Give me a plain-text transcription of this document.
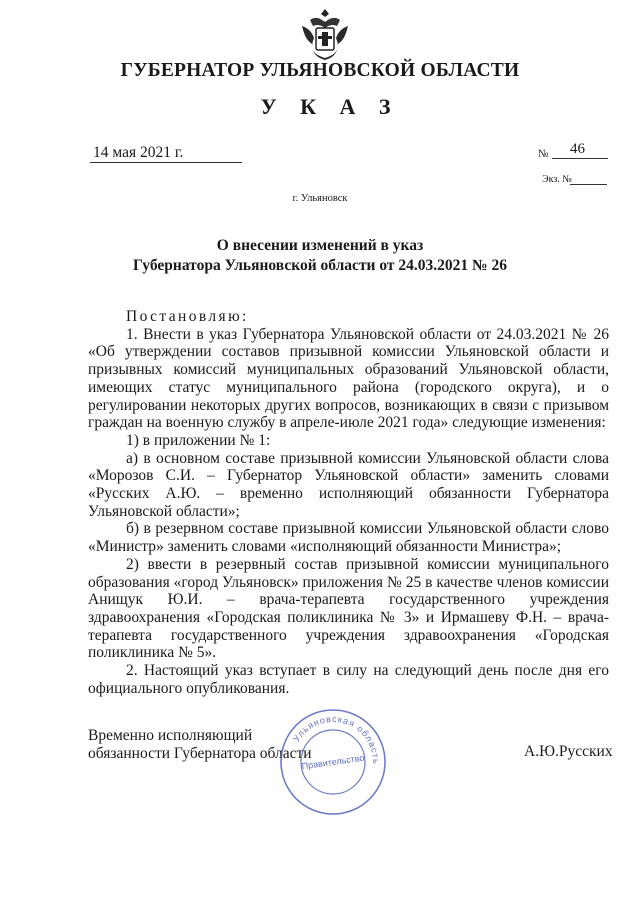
ГУБЕРНАТОР УЛЬЯНОВСКОЙ ОБЛАСТИ
У К А З
14 мая 2021 г.	№ 46
Экз. №
г. Ульяновск
О внесении изменений в указ
Губернатора Ульяновской области от 24.03.2021 № 26

Постановляю:

1. Внести в указ Губернатора Ульяновской области от 24.03.2021 № 26 «Об утверждении составов призывной комиссии Ульяновской области и призывных комиссий муниципальных образований Ульяновской области, имеющих статус муниципального района (городского округа), и о регулировании некоторых других вопросов, возникающих в связи с призывом граждан на военную службу в апреле-июле 2021 года» следующие изменения:

1) в приложении № 1:

а) в основном составе призывной комиссии Ульяновской области слова «Морозов С.И. – Губернатор Ульяновской области» заменить словами «Русских А.Ю. – временно исполняющий обязанности Губернатора Ульяновской области»;

б) в резервном составе призывной комиссии Ульяновской области слово «Министр» заменить словами «исполняющий обязанности Министра»;

2) ввести в резервный состав призывной комиссии муниципального образования «город Ульяновск» приложения № 25 в качестве членов комиссии Анищук Ю.И. – врача-терапевта государственного учреждения здравоохранения «Городская поликлиника № 3» и Ирмашеву Ф.Н. – врача-терапевта государственного учреждения здравоохранения «Городская поликлиника № 5».

2. Настоящий указ вступает в силу на следующий день после дня его официального опубликования.

Временно исполняющий
обязанности Губернатора области	А.Ю.Русских
Ульяновская область
Правительство
